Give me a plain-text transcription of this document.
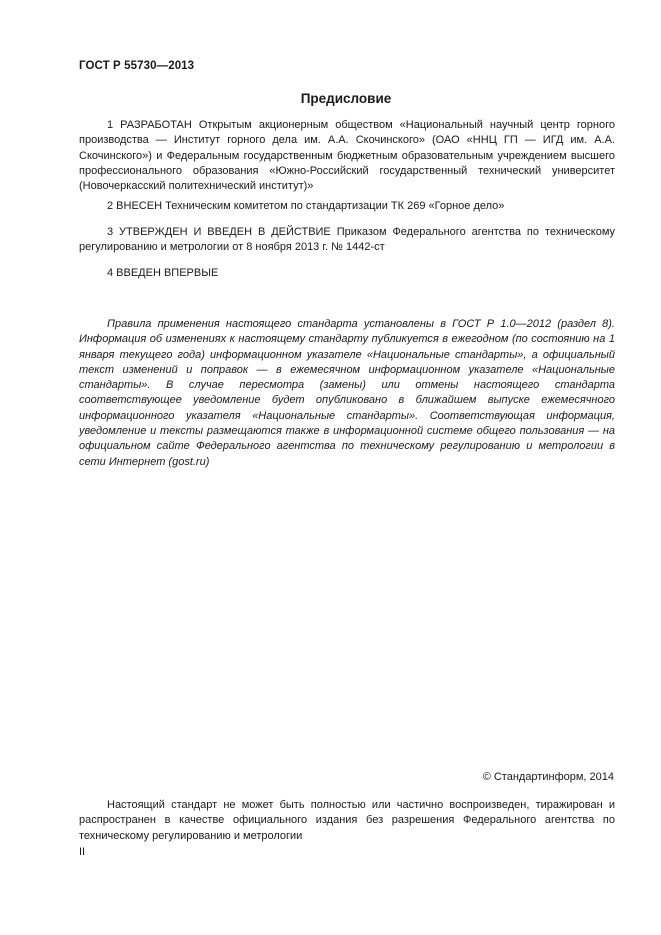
ГОСТ Р 55730—2013
Предисловие
1 РАЗРАБОТАН Открытым акционерным обществом «Национальный научный центр горного производства — Институт горного дела им. А.А. Скочинского» (ОАО «ННЦ ГП — ИГД им. А.А. Скочинского») и Федеральным государственным бюджетным образовательным учреждением высшего профессионального образования «Южно-Российский государственный технический университет (Новочеркасский политехнический институт)»
2 ВНЕСЕН Техническим комитетом по стандартизации ТК 269 «Горное дело»
3 УТВЕРЖДЕН И ВВЕДЕН В ДЕЙСТВИЕ Приказом Федерального агентства по техническому регулированию и метрологии от 8 ноября 2013 г. № 1442-ст
4 ВВЕДЕН ВПЕРВЫЕ
Правила применения настоящего стандарта установлены в ГОСТ Р 1.0—2012 (раздел 8). Информация об изменениях к настоящему стандарту публикуется в ежегодном (по состоянию на 1 января текущего года) информационном указателе «Национальные стандарты», а официальный текст изменений и поправок — в ежемесячном информационном указателе «Национальные стандарты». В случае пересмотра (замены) или отмены настоящего стандарта соответствующее уведомление будет опубликовано в ближайшем выпуске ежемесячного информационного указателя «Национальные стандарты». Соответствующая информация, уведомление и тексты размещаются также в информационной системе общего пользования — на официальном сайте Федерального агентства по техническому регулированию и метрологии в сети Интернет (gost.ru)
© Стандартинформ, 2014
Настоящий стандарт не может быть полностью или частично воспроизведен, тиражирован и распространен в качестве официального издания без разрешения Федерального агентства по техническому регулированию и метрологии
II
